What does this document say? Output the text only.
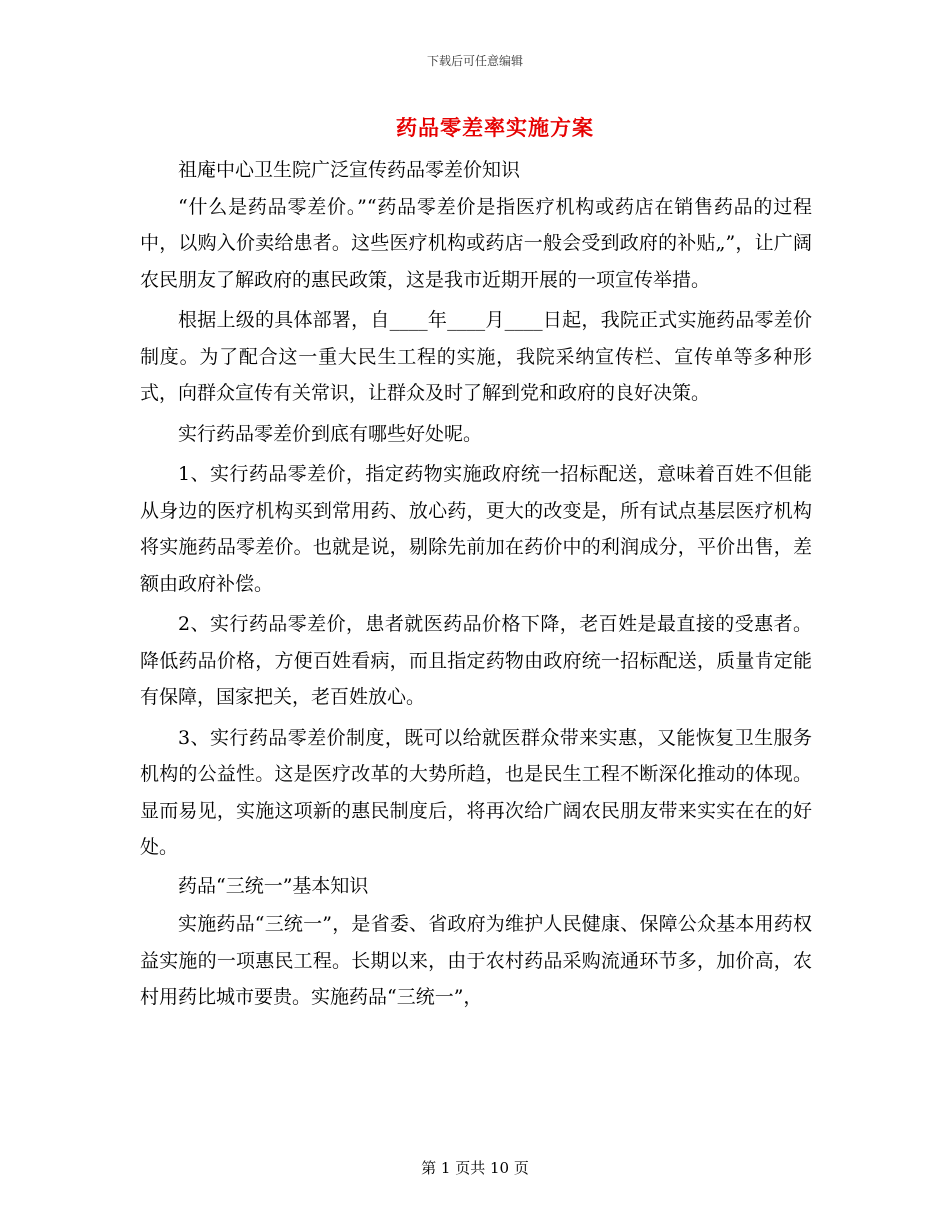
下载后可任意编辑
药品零差率实施方案

祖庵中心卫生院广泛宣传药品零差价知识

“什么是药品零差价。”“药品零差价是指医疗机构或药店在销售药品的过程中，以购入价卖给患者。这些医疗机构或药店一般会受到政府的补贴„”，让广阔农民朋友了解政府的惠民政策，这是我市近期开展的一项宣传举措。

根据上级的具体部署，自____年____月____日起，我院正式实施药品零差价制度。为了配合这一重大民生工程的实施，我院采纳宣传栏、宣传单等多种形式，向群众宣传有关常识，让群众及时了解到党和政府的良好决策。

实行药品零差价到底有哪些好处呢。

1、实行药品零差价，指定药物实施政府统一招标配送，意味着百姓不但能从身边的医疗机构买到常用药、放心药，更大的改变是，所有试点基层医疗机构将实施药品零差价。也就是说，剔除先前加在药价中的利润成分，平价出售，差额由政府补偿。

2、实行药品零差价，患者就医药品价格下降，老百姓是最直接的受惠者。降低药品价格，方便百姓看病，而且指定药物由政府统一招标配送，质量肯定能有保障，国家把关，老百姓放心。

3、实行药品零差价制度，既可以给就医群众带来实惠，又能恢复卫生服务机构的公益性。这是医疗改革的大势所趋，也是民生工程不断深化推动的体现。显而易见，实施这项新的惠民制度后，将再次给广阔农民朋友带来实实在在的好处。

药品“三统一”基本知识

实施药品“三统一”，是省委、省政府为维护人民健康、保障公众基本用药权益实施的一项惠民工程。长期以来，由于农村药品采购流通环节多，加价高，农村用药比城市要贵。实施药品“三统一”，

第 1 页共 10 页
